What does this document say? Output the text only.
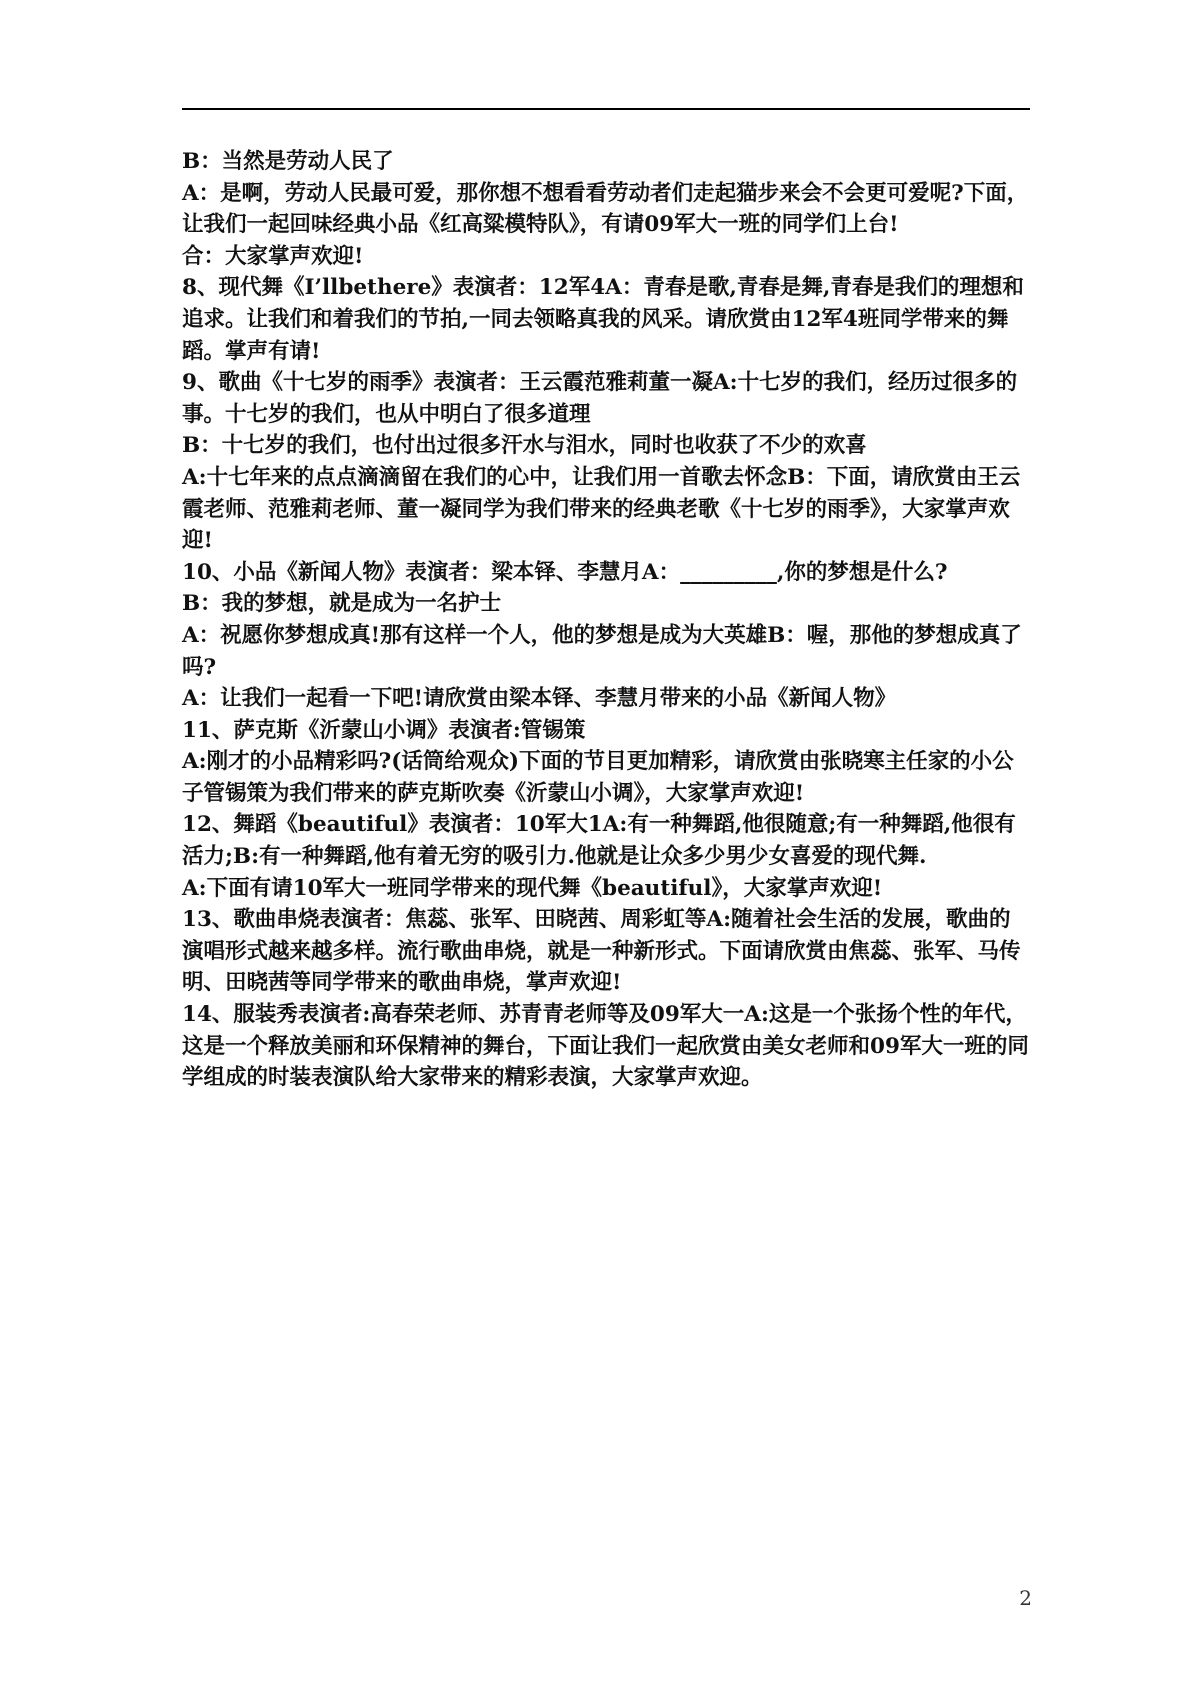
B：当然是劳动人民了

A：是啊，劳动人民最可爱，那你想不想看看劳动者们走起猫步来会不会更可爱呢?下面，让我们一起回味经典小品《红高粱模特队》，有请09军大一班的同学们上台!

合：大家掌声欢迎!

8、现代舞《I’llbethere》表演者：12军4A：青春是歌,青春是舞,青春是我们的理想和追求。让我们和着我们的节拍,一同去领略真我的风采。请欣赏由12军4班同学带来的舞蹈。掌声有请!

9、歌曲《十七岁的雨季》表演者：王云霞范雅莉董一凝A:十七岁的我们，经历过很多的事。十七岁的我们，也从中明白了很多道理

B：十七岁的我们，也付出过很多汗水与泪水，同时也收获了不少的欢喜

A:十七年来的点点滴滴留在我们的心中，让我们用一首歌去怀念B：下面，请欣赏由王云霞老师、范雅莉老师、董一凝同学为我们带来的经典老歌《十七岁的雨季》，大家掌声欢迎!

10、小品《新闻人物》表演者：梁本铎、李慧月A：_________,你的梦想是什么?

B：我的梦想，就是成为一名护士

A：祝愿你梦想成真!那有这样一个人，他的梦想是成为大英雄B：喔，那他的梦想成真了吗?

A：让我们一起看一下吧!请欣赏由梁本铎、李慧月带来的小品《新闻人物》

11、萨克斯《沂蒙山小调》表演者:管锡策

A:刚才的小品精彩吗?(话筒给观众)下面的节目更加精彩，请欣赏由张晓寒主任家的小公子管锡策为我们带来的萨克斯吹奏《沂蒙山小调》，大家掌声欢迎!

12、舞蹈《beautiful》表演者：10军大1A:有一种舞蹈,他很随意;有一种舞蹈,他很有活力;B:有一种舞蹈,他有着无穷的吸引力.他就是让众多少男少女喜爱的现代舞.

A:下面有请10军大一班同学带来的现代舞《beautiful》，大家掌声欢迎!

13、歌曲串烧表演者：焦蕊、张军、田晓茜、周彩虹等A:随着社会生活的发展，歌曲的演唱形式越来越多样。流行歌曲串烧，就是一种新形式。下面请欣赏由焦蕊、张军、马传明、田晓茜等同学带来的歌曲串烧，掌声欢迎!

14、服装秀表演者:高春荣老师、苏青青老师等及09军大一A:这是一个张扬个性的年代，这是一个释放美丽和环保精神的舞台，下面让我们一起欣赏由美女老师和09军大一班的同学组成的时装表演队给大家带来的精彩表演，大家掌声欢迎。

2
